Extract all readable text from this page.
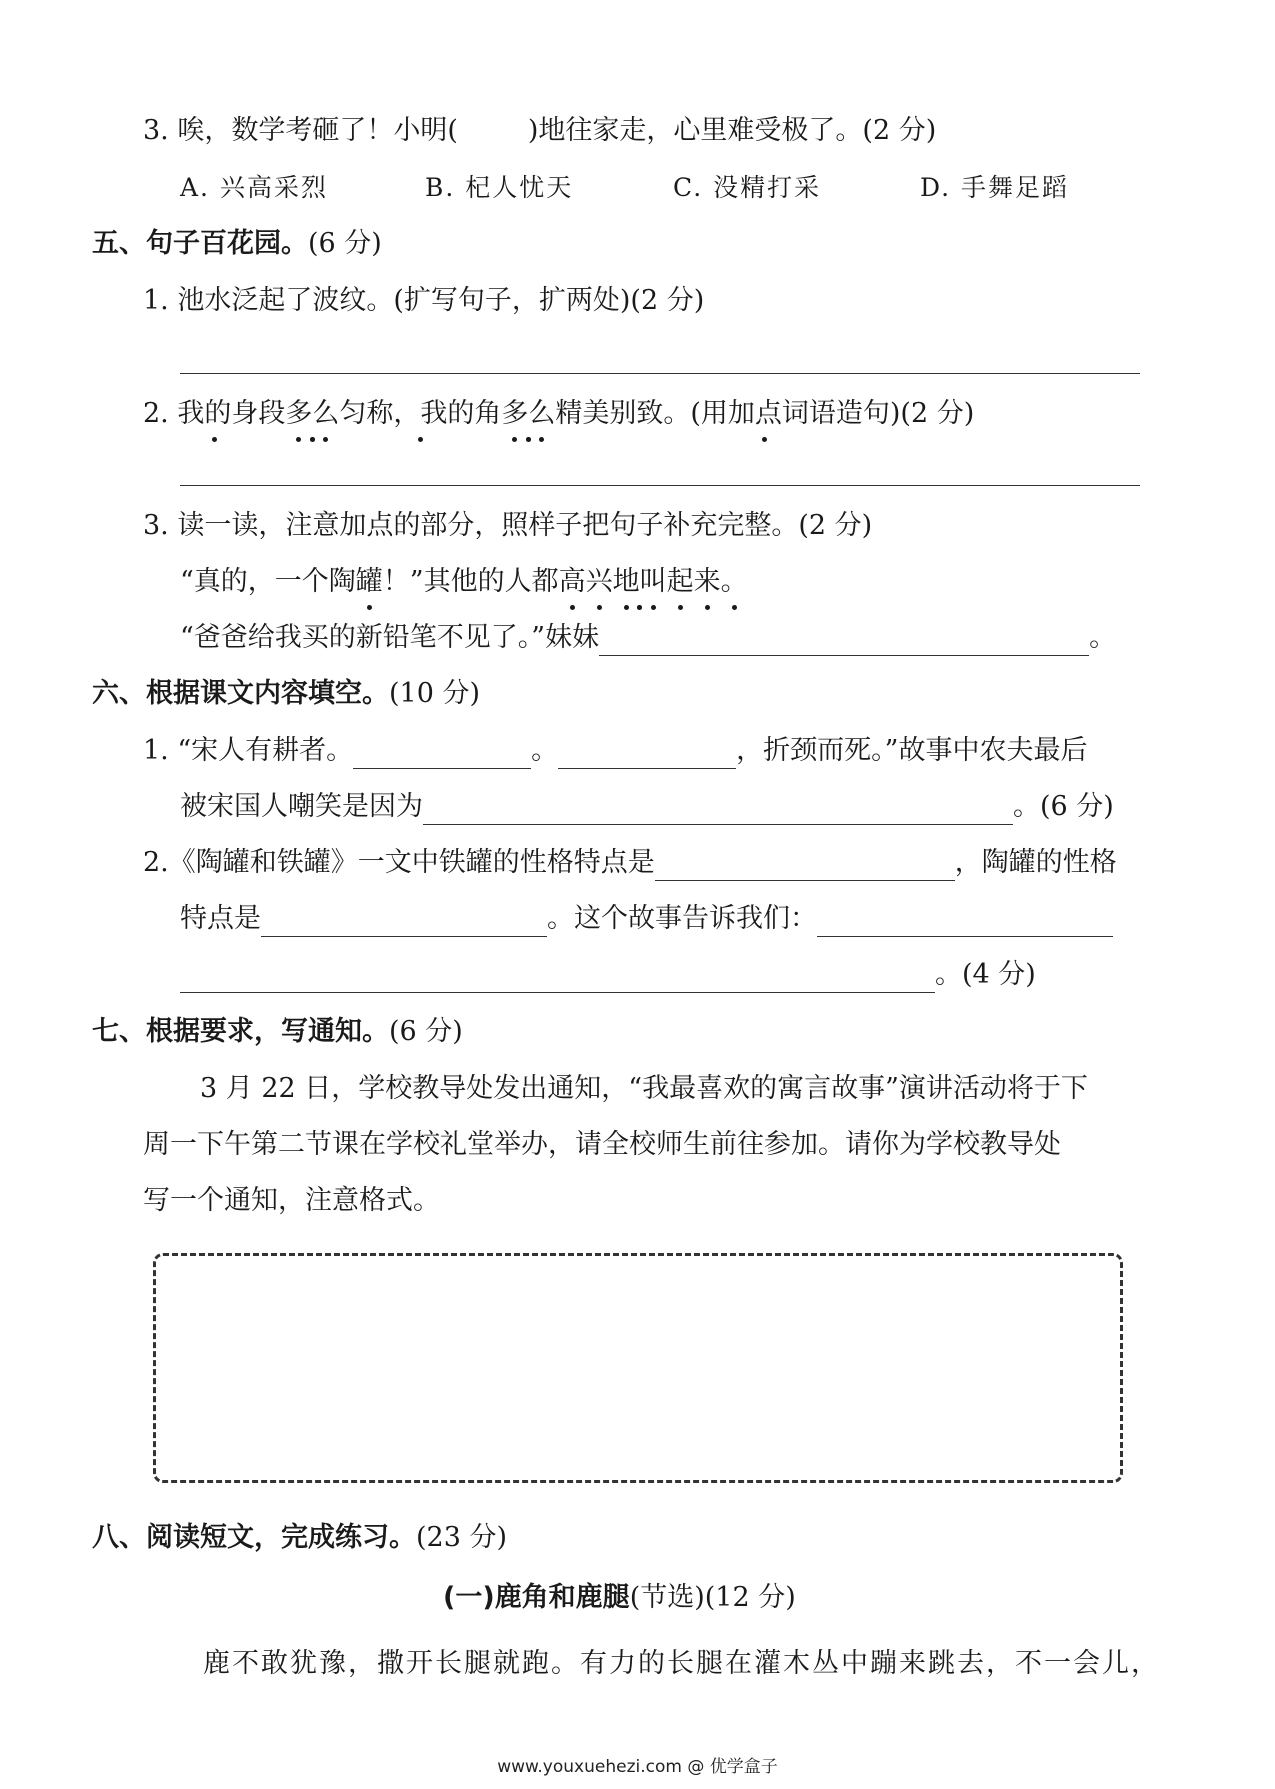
3. 唉，数学考砸了！小明(	)地往家走，心里难受极了。(2 分)
A. 兴高采烈	B. 杞人忧天	C. 没精打采	D. 手舞足蹈
五、句子百花园。(6 分)
1. 池水泛起了波纹。(扩写句子，扩两处)(2 分)
2. 我的身段多么匀称，我的角多么精美别致。(用加点词语造句)(2 分)
3. 读一读，注意加点的部分，照样子把句子补充完整。(2 分)
“真的，一个陶罐！”其他的人都高兴地叫起来。
“爸爸给我买的新铅笔不见了。”妹妹	。
六、根据课文内容填空。(10 分)
1. “宋人有耕者。	。	，折颈而死。”故事中农夫最后
被宋国人嘲笑是因为	。(6 分)
2.《陶罐和铁罐》一文中铁罐的性格特点是	，陶罐的性格
特点是	。这个故事告诉我们：
。(4 分)
七、根据要求，写通知。(6 分)
3 月 22 日，学校教导处发出通知，“我最喜欢的寓言故事”演讲活动将于下
周一下午第二节课在学校礼堂举办，请全校师生前往参加。请你为学校教导处
写一个通知，注意格式。
八、阅读短文，完成练习。(23 分)
(一)鹿角和鹿腿(节选)(12 分)
鹿不敢犹豫，撒开长腿就跑。有力的长腿在灌木丛中蹦来跳去，不一会儿，
www.youxuehezi.com @ 优学盒子
